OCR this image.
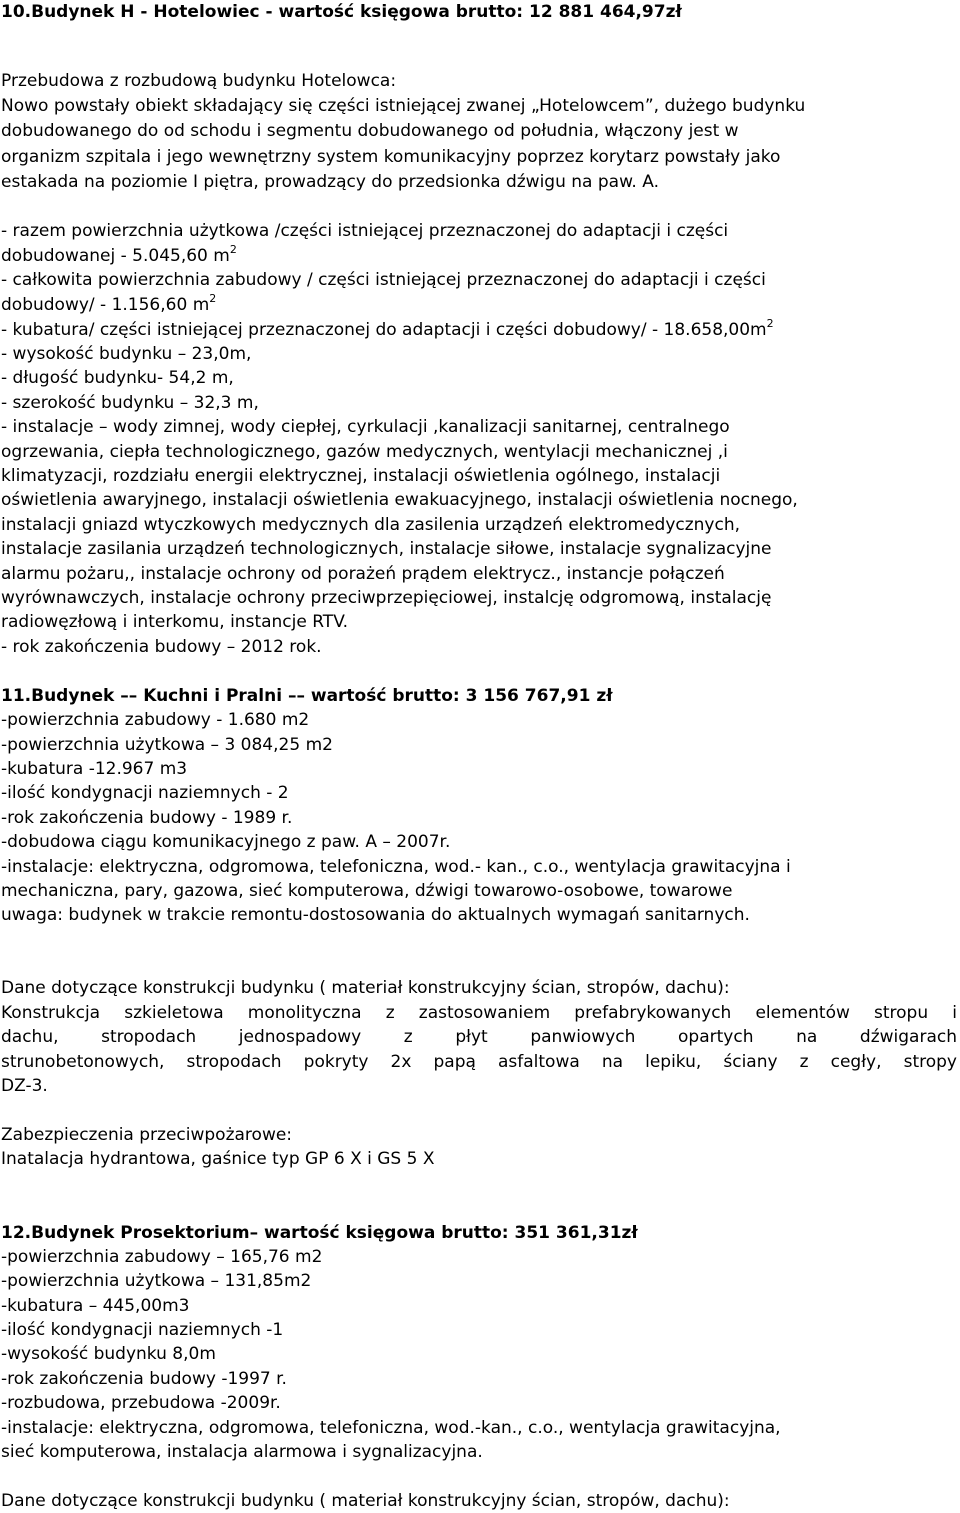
10.Budynek H - Hotelowiec - wartość księgowa brutto: 12 881 464,97zł
Przebudowa z rozbudową budynku Hotelowca:
Nowo powstały obiekt składający się części istniejącej zwanej „Hotelowcem”, dużego budynku
dobudowanego do od schodu i segmentu dobudowanego od południa, włączony jest w
organizm szpitala i jego wewnętrzny system komunikacyjny poprzez korytarz powstały jako
estakada na poziomie I piętra, prowadzący do przedsionka dźwigu na paw. A.
- razem powierzchnia użytkowa /części istniejącej przeznaczonej do adaptacji i części
dobudowanej - 5.045,60 $m^2$
- całkowita powierzchnia zabudowy / części istniejącej przeznaczonej do adaptacji i części
dobudowy/ - 1.156,60 $m^2$
- kubatura/ części istniejącej przeznaczonej do adaptacji i części dobudowy/ - $18.658,00m^2$
- wysokość budynku – 23,0m,
- długość budynku- 54,2 m,
- szerokość budynku – 32,3 m,
- instalacje – wody zimnej, wody ciepłej, cyrkulacji ,kanalizacji sanitarnej, centralnego
ogrzewania, ciepła technologicznego, gazów medycznych, wentylacji mechanicznej ,i
klimatyzacji, rozdziału energii elektrycznej, instalacji oświetlenia ogólnego, instalacji
oświetlenia awaryjnego, instalacji oświetlenia ewakuacyjnego, instalacji oświetlenia nocnego,
instalacji gniazd wtyczkowych medycznych dla zasilenia urządzeń elektromedycznych,
instalacje zasilania urządzeń technologicznych, instalacje siłowe, instalacje sygnalizacyjne
alarmu pożaru,, instalacje ochrony od porażeń prądem elektrycz., instancje połączeń
wyrównawczych, instalacje ochrony przeciwprzepięciowej, instalcję odgromową, instalację
radiowęzłową i interkomu, instancje RTV.
- rok zakończenia budowy – 2012 rok.
11.Budynek –– Kuchni i Pralni –– wartość brutto: 3 156 767,91 zł
-powierzchnia zabudowy - 1.680 m2
-powierzchnia użytkowa – 3 084,25 m2
-kubatura -12.967 m3
-ilość kondygnacji naziemnych - 2
-rok zakończenia budowy - 1989 r.
-dobudowa ciągu komunikacyjnego z paw. A – 2007r.
-instalacje: elektryczna, odgromowa, telefoniczna, wod.- kan., c.o., wentylacja grawitacyjna i
mechaniczna, pary, gazowa, sieć komputerowa, dźwigi towarowo-osobowe, towarowe
uwaga: budynek w trakcie remontu-dostosowania do aktualnych wymagań sanitarnych.
Dane dotyczące konstrukcji budynku ( materiał konstrukcyjny ścian, stropów, dachu):
Konstrukcja szkieletowa monolityczna z zastosowaniem prefabrykowanych elementów stropu i
dachu, stropodach jednospadowy z płyt panwiowych opartych na dźwigarach
strunobetonowych, stropodach pokryty 2x papą asfaltowa na lepiku, ściany z cegły, stropy
DZ-3.
Zabezpieczenia przeciwpożarowe:
Inatalacja hydrantowa, gaśnice typ GP 6 X i GS 5 X
12.Budynek Prosektorium– wartość księgowa brutto: 351 361,31zł
-powierzchnia zabudowy – 165,76 m2
-powierzchnia użytkowa – 131,85m2
-kubatura – 445,00m3
-ilość kondygnacji naziemnych -1
-wysokość budynku 8,0m
-rok zakończenia budowy -1997 r.
-rozbudowa, przebudowa -2009r.
-instalacje: elektryczna, odgromowa, telefoniczna, wod.-kan., c.o., wentylacja grawitacyjna,
sieć komputerowa, instalacja alarmowa i sygnalizacyjna.
Dane dotyczące konstrukcji budynku ( materiał konstrukcyjny ścian, stropów, dachu):
